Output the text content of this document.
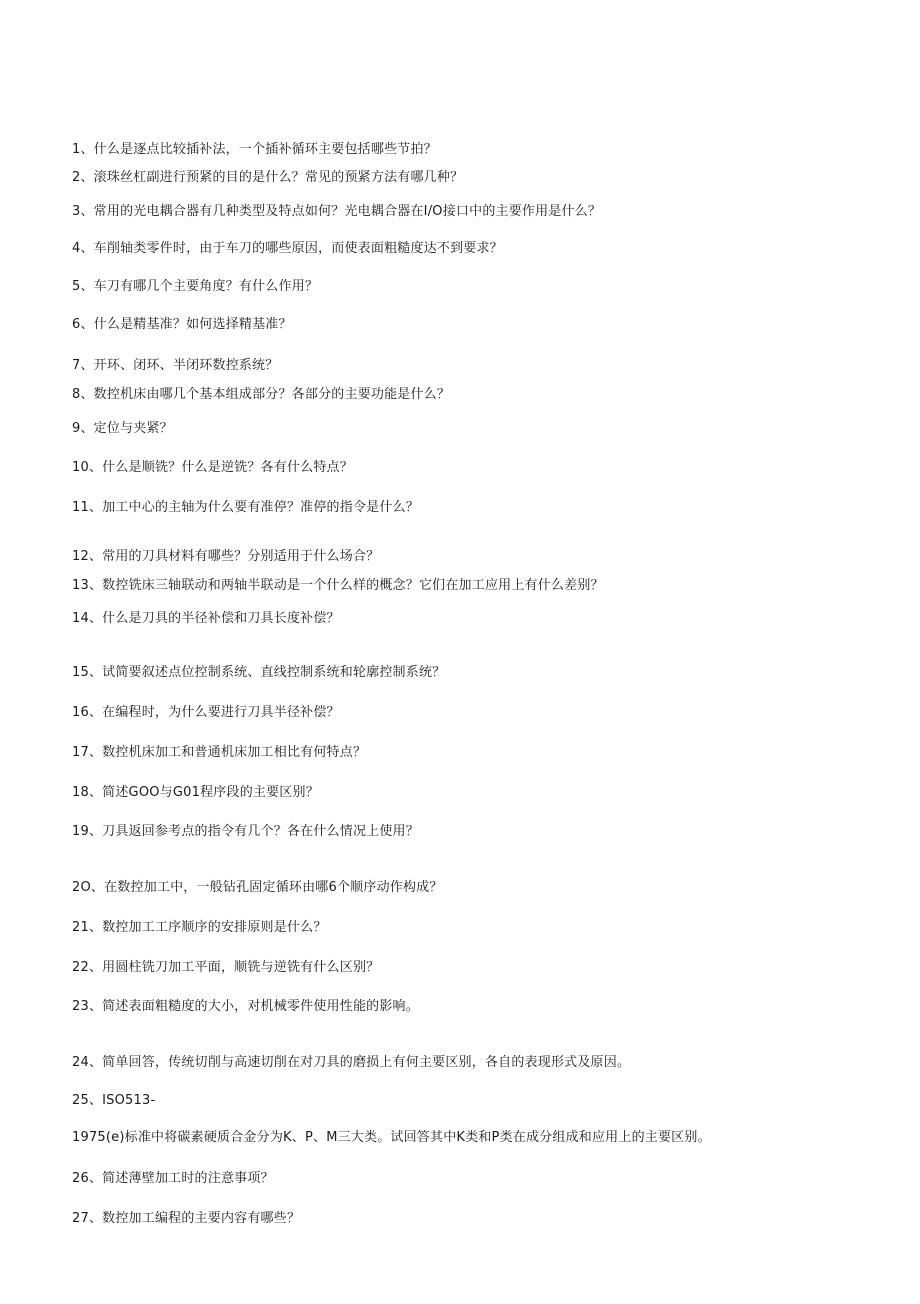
1、什么是逐点比较插补法，一个插补循环主要包括哪些节拍？
2、滚珠丝杠副进行预紧的目的是什么？常见的预紧方法有哪几种？
3、常用的光电耦合器有几种类型及特点如何？光电耦合器在I/O接口中的主要作用是什么？
4、车削轴类零件时，由于车刀的哪些原因，而使表面粗糙度达不到要求？
5、车刀有哪几个主要角度？有什么作用？
6、什么是精基准？如何选择精基准？
7、开环、闭环、半闭环数控系统？
8、数控机床由哪几个基本组成部分？各部分的主要功能是什么？
9、定位与夹紧？
10、什么是顺铣？什么是逆铣？各有什么特点？
11、加工中心的主轴为什么要有准停？准停的指令是什么？
12、常用的刀具材料有哪些？分别适用于什么场合？
13、数控铣床三轴联动和两轴半联动是一个什么样的概念？它们在加工应用上有什么差别？
14、什么是刀具的半径补偿和刀具长度补偿？
15、试简要叙述点位控制系统、直线控制系统和轮廓控制系统？
16、在编程时，为什么要进行刀具半径补偿？
17、数控机床加工和普通机床加工相比有何特点？
18、简述GOO与G01程序段的主要区别？
19、刀具返回参考点的指令有几个？各在什么情况上使用？
2O、在数控加工中，一般钻孔固定循环由哪6个顺序动作构成？
21、数控加工工序顺序的安排原则是什么？
22、用圆柱铣刀加工平面，顺铣与逆铣有什么区别？
23、简述表面粗糙度的大小，对机械零件使用性能的影响。
24、简单回答，传统切削与高速切削在对刀具的磨损上有何主要区别，各自的表现形式及原因。
25、ISO513-
1975(e)标准中将碳素硬质合金分为K、P、M三大类。试回答其中K类和P类在成分组成和应用上的主要区别。
26、简述薄壁加工时的注意事项？
27、数控加工编程的主要内容有哪些？
